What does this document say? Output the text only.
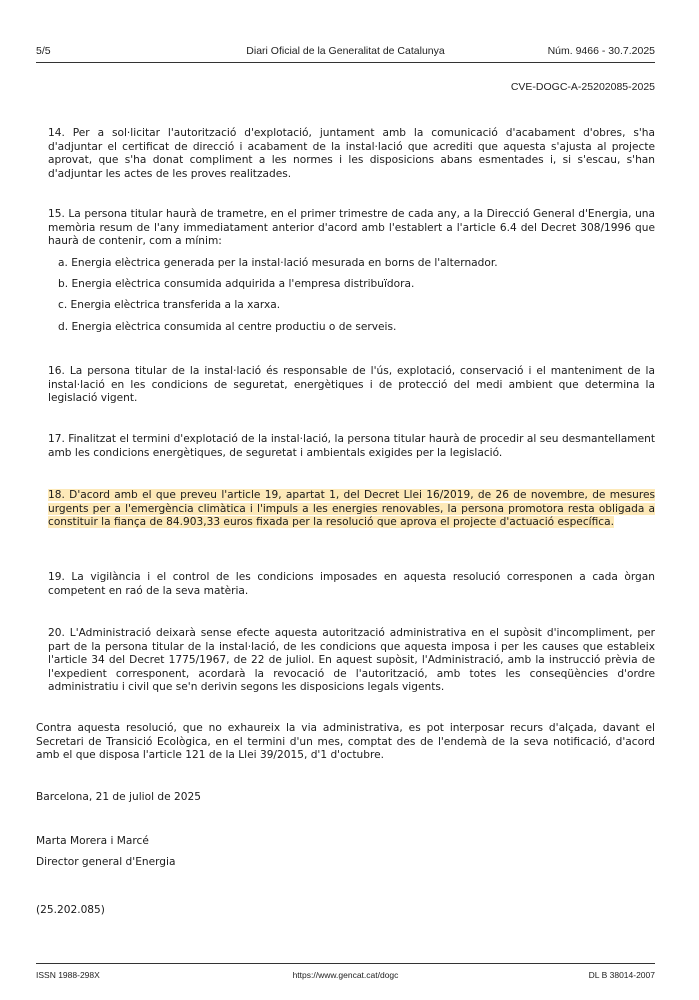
5/5	Diari Oficial de la Generalitat de Catalunya	Núm. 9466 - 30.7.2025
CVE-DOGC-A-25202085-2025

14. Per a sol·licitar l'autorització d'explotació, juntament amb la comunicació d'acabament d'obres, s'ha d'adjuntar el certificat de direcció i acabament de la instal·lació que acrediti que aquesta s'ajusta al projecte aprovat, que s'ha donat compliment a les normes i les disposicions abans esmentades i, si s'escau, s'han d'adjuntar les actes de les proves realitzades.

15. La persona titular haurà de trametre, en el primer trimestre de cada any, a la Direcció General d'Energia, una memòria resum de l'any immediatament anterior d'acord amb l'establert a l'article 6.4 del Decret 308/1996 que haurà de contenir, com a mínim:

a. Energia elèctrica generada per la instal·lació mesurada en borns de l'alternador.

b. Energia elèctrica consumida adquirida a l'empresa distribuïdora.

c. Energia elèctrica transferida a la xarxa.

d. Energia elèctrica consumida al centre productiu o de serveis.

16. La persona titular de la instal·lació és responsable de l'ús, explotació, conservació i el manteniment de la instal·lació en les condicions de seguretat, energètiques i de protecció del medi ambient que determina la legislació vigent.

17. Finalitzat el termini d'explotació de la instal·lació, la persona titular haurà de procedir al seu desmantellament amb les condicions energètiques, de seguretat i ambientals exigides per la legislació.

18. D'acord amb el que preveu l'article 19, apartat 1, del Decret Llei 16/2019, de 26 de novembre, de mesures urgents per a l'emergència climàtica i l'impuls a les energies renovables, la persona promotora resta obligada a constituir la fiança de 84.903,33 euros fixada per la resolució que aprova el projecte d'actuació específica.

19. La vigilància i el control de les condicions imposades en aquesta resolució corresponen a cada òrgan competent en raó de la seva matèria.

20. L'Administració deixarà sense efecte aquesta autorització administrativa en el supòsit d'incompliment, per part de la persona titular de la instal·lació, de les condicions que aquesta imposa i per les causes que estableix l'article 34 del Decret 1775/1967, de 22 de juliol. En aquest supòsit, l'Administració, amb la instrucció prèvia de l'expedient corresponent, acordarà la revocació de l'autorització, amb totes les conseqüències d'ordre administratiu i civil que se'n derivin segons les disposicions legals vigents.

Contra aquesta resolució, que no exhaureix la via administrativa, es pot interposar recurs d'alçada, davant el Secretari de Transició Ecològica, en el termini d'un mes, comptat des de l'endemà de la seva notificació, d'acord amb el que disposa l'article 121 de la Llei 39/2015, d'1 d'octubre.

Barcelona, 21 de juliol de 2025

Marta Morera i Marcé

Director general d'Energia

(25.202.085)

ISSN 1988-298X	https://www.gencat.cat/dogc	DL B 38014-2007
